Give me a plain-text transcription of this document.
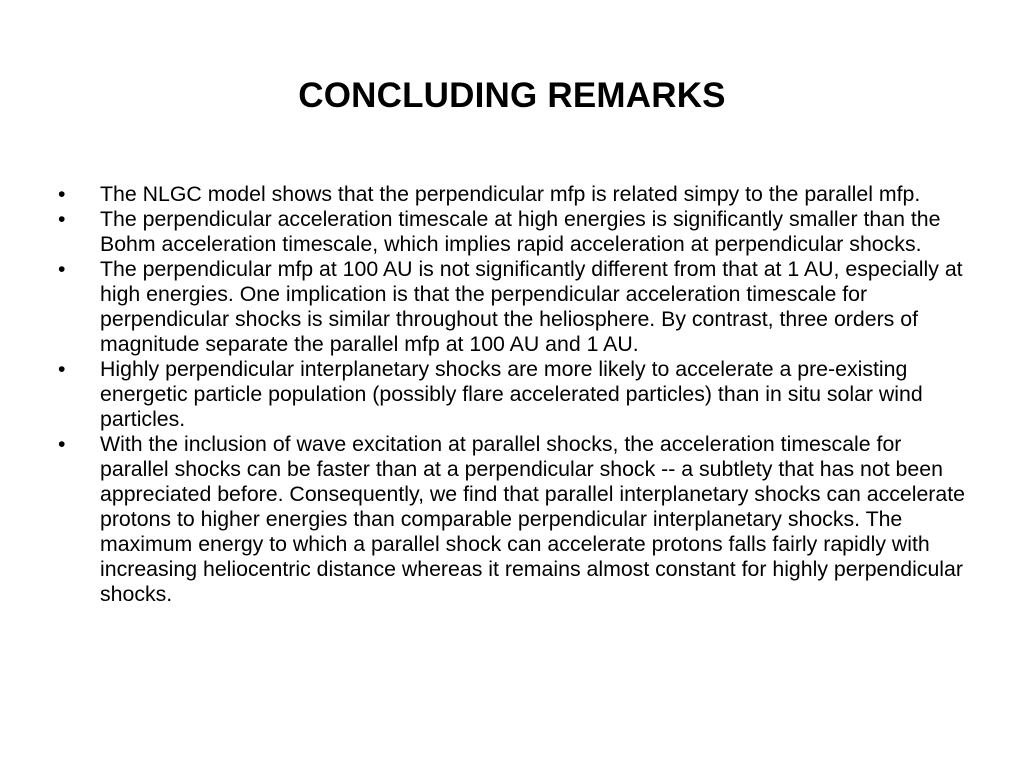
CONCLUDING REMARKS
•	The NLGC model shows that the perpendicular mfp is related simpy to the parallel mfp.
•	The perpendicular acceleration timescale at high energies is significantly smaller than the Bohm acceleration timescale, which implies rapid acceleration at perpendicular shocks.
•	The perpendicular mfp at 100 AU is not significantly different from that at 1 AU, especially at high energies. One implication is that the perpendicular acceleration timescale for perpendicular shocks is similar throughout the heliosphere. By contrast, three orders of magnitude separate the parallel mfp at 100 AU and 1 AU.
•	Highly perpendicular interplanetary shocks are more likely to accelerate a pre-existing energetic particle population (possibly flare accelerated particles) than in situ solar wind particles.
•	With the inclusion of wave excitation at parallel shocks, the acceleration timescale for parallel shocks can be faster than at a perpendicular shock -- a subtlety that has not been appreciated before. Consequently, we find that parallel interplanetary shocks can accelerate protons to higher energies than comparable perpendicular interplanetary shocks. The maximum energy to which a parallel shock can accelerate protons falls fairly rapidly with increasing heliocentric distance whereas it remains almost constant for highly perpendicular shocks.
